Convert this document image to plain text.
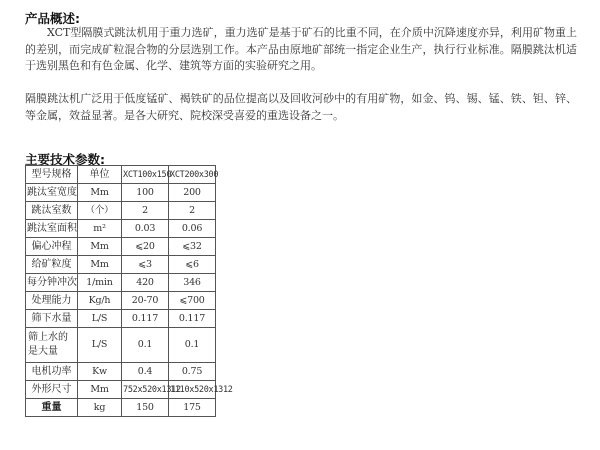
产品概述:

XCT型隔膜式跳汰机用于重力选矿，重力选矿是基于矿石的比重不同，在介质中沉降速度亦异，利用矿物重上的差别，而完成矿粒混合物的分层选别工作。本产品由原地矿部统一指定企业生产，执行行业标准。隔膜跳汰机适于选别黑色和有色金属、化学、建筑等方面的实验研究之用。

隔膜跳汰机广泛用于低度锰矿、褐铁矿的品位提高以及回收河砂中的有用矿物，如金、钨、锡、锰、铁、钽、锌、等金属，效益显著。是各大研究、院校深受喜爱的重选设备之一。

主要技术参数:
型号规格	单位	XCT100x150	XCT200x300
跳汰室宽度	Mm	100	200
跳汰室数	（个）	2	2
跳汰室面积	m²	0.03	0.06
偏心冲程	Mm	⩽20	⩽32
给矿粒度	Mm	⩽3	⩽6
每分钟冲次	1/min	420	346
处理能力	Kg/h	20-70	⩽700
筛下水量	L/S	0.117	0.117
筛上水的是大量	L/S	0.1	0.1
电机功率	Kw	0.4	0.75
外形尺寸	Mm	752x520x1312	1110x520x1312
重量	kg	150	175
